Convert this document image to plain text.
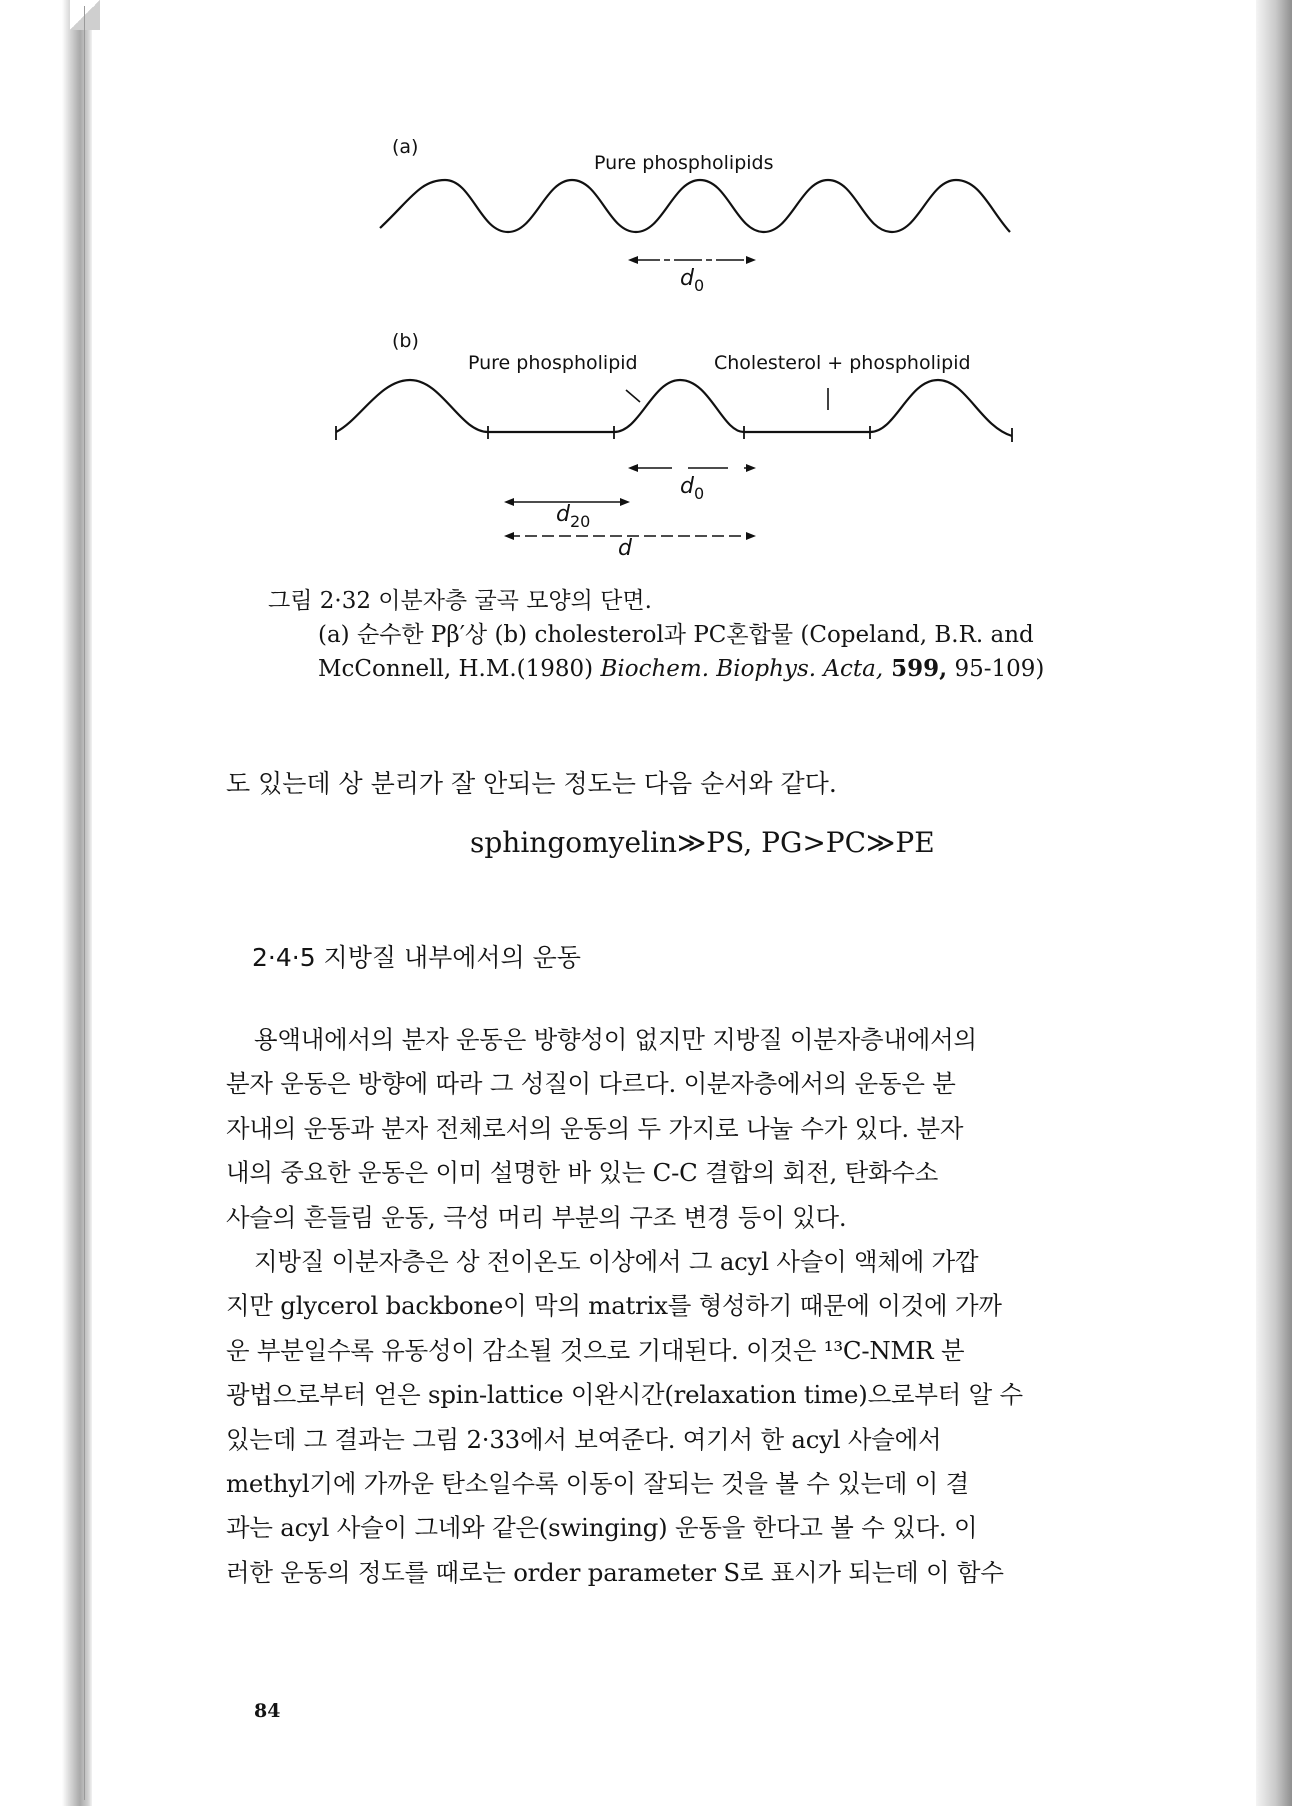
(a)
Pure phospholipids
$d_0$
(b)
Pure phospholipid	Cholesterol + phospholipid
$d_0$
$d_{20}$
d
그림 2·32 이분자층 굴곡 모양의 단면.
(a) 순수한 Pβ′상 (b) cholesterol과 PC혼합물 (Copeland, B.R. and
McConnell, H.M.(1980) Biochem. Biophys. Acta, 599, 95-109)
도 있는데 상 분리가 잘 안되는 정도는 다음 순서와 같다.
sphingomyelin≫PS, PG>PC≫PE
2·4·5 지방질 내부에서의 운동
용액내에서의 분자 운동은 방향성이 없지만 지방질 이분자층내에서의
분자 운동은 방향에 따라 그 성질이 다르다. 이분자층에서의 운동은 분
자내의 운동과 분자 전체로서의 운동의 두 가지로 나눌 수가 있다. 분자
내의 중요한 운동은 이미 설명한 바 있는 C-C 결합의 회전, 탄화수소
사슬의 흔들림 운동, 극성 머리 부분의 구조 변경 등이 있다.
지방질 이분자층은 상 전이온도 이상에서 그 acyl 사슬이 액체에 가깝
지만 glycerol backbone이 막의 matrix를 형성하기 때문에 이것에 가까
운 부분일수록 유동성이 감소될 것으로 기대된다. 이것은 ¹³C-NMR 분
광법으로부터 얻은 spin-lattice 이완시간(relaxation time)으로부터 알 수
있는데 그 결과는 그림 2·33에서 보여준다. 여기서 한 acyl 사슬에서
methyl기에 가까운 탄소일수록 이동이 잘되는 것을 볼 수 있는데 이 결
과는 acyl 사슬이 그네와 같은(swinging) 운동을 한다고 볼 수 있다. 이
러한 운동의 정도를 때로는 order parameter S로 표시가 되는데 이 함수
84
